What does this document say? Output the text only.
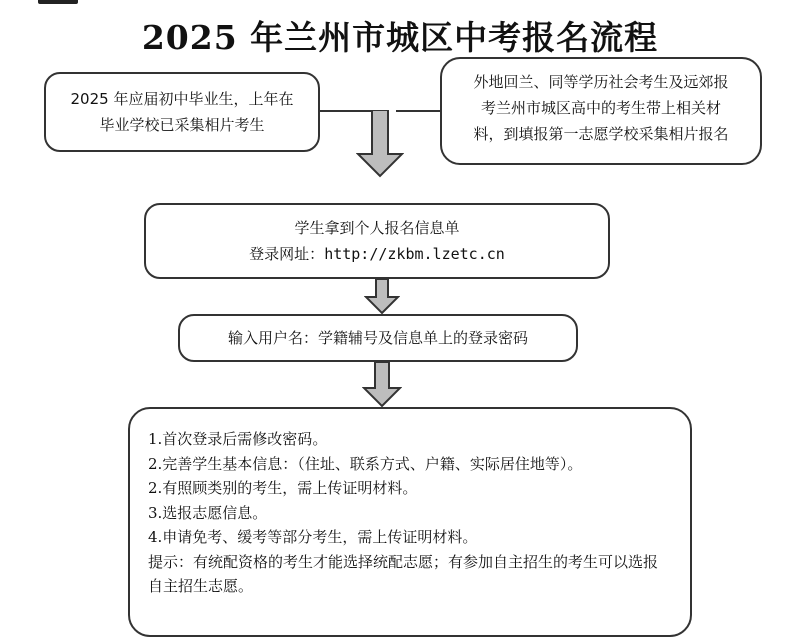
2025 年兰州市城区中考报名流程
2025 年应届初中毕业生，上年在
毕业学校已采集相片考生
外地回兰、同等学历社会考生及远郊报
考兰州市城区高中的考生带上相关材
料，到填报第一志愿学校采集相片报名
学生拿到个人报名信息单
登录网址：http://zkbm.lzetc.cn
输入用户名：学籍辅号及信息单上的登录密码
1.首次登录后需修改密码。
2.完善学生基本信息：（住址、联系方式、户籍、实际居住地等）。
2.有照顾类别的考生，需上传证明材料。
3.选报志愿信息。
4.申请免考、缓考等部分考生，需上传证明材料。
提示：有统配资格的考生才能选择统配志愿；有参加自主招生的考生可以选报自主招生志愿。
